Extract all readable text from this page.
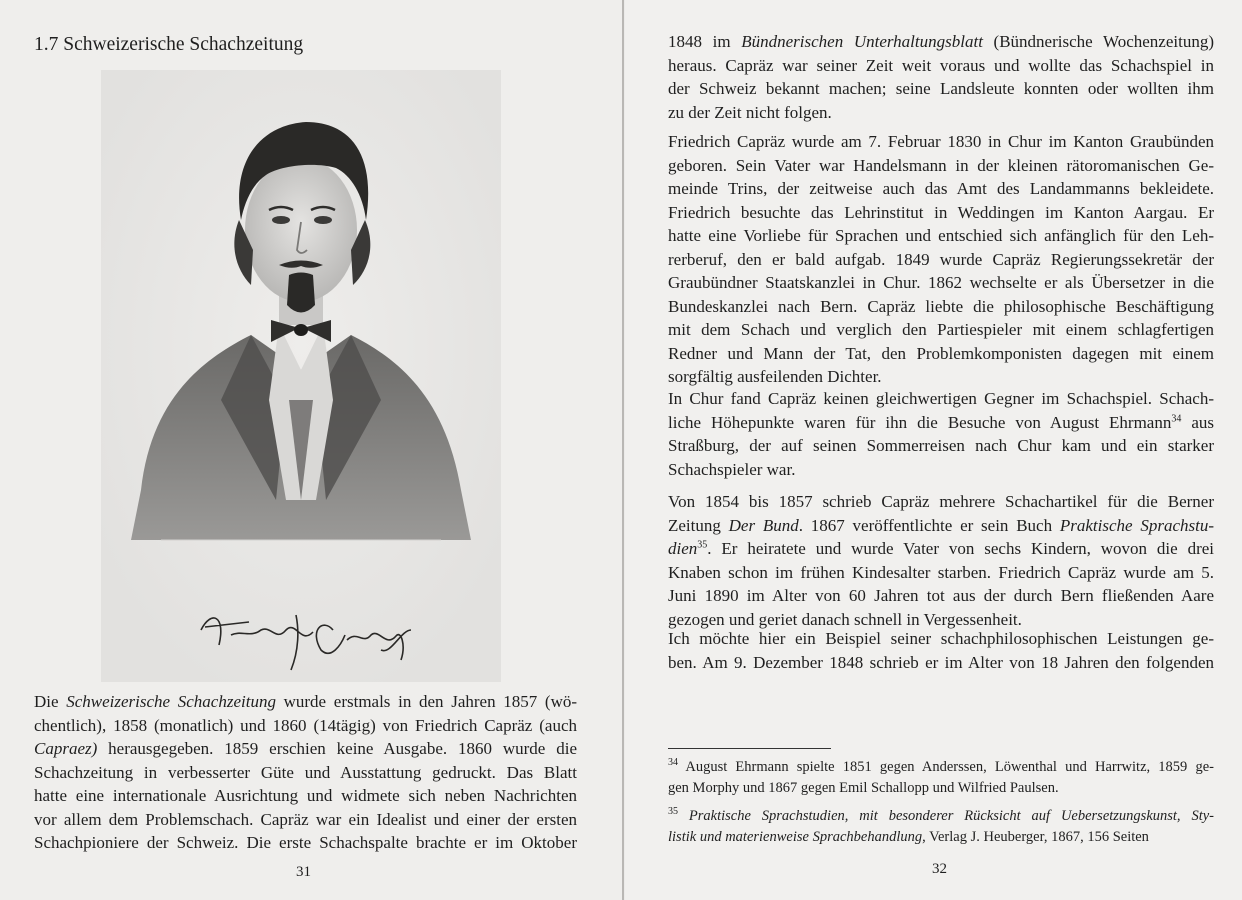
1.7 Schweizerische Schachzeitung
Die Schweizerische Schachzeitung wurde erstmals in den Jahren 1857 (wö-
chentlich), 1858 (monatlich) und 1860 (14tägig) von Friedrich Capräz (auch
Capraez) herausgegeben. 1859 erschien keine Ausgabe. 1860 wurde die
Schachzeitung in verbesserter Güte und Ausstattung gedruckt. Das Blatt
hatte eine internationale Ausrichtung und widmete sich neben Nachrichten
vor allem dem Problemschach. Capräz war ein Idealist und einer der ersten
Schachpioniere der Schweiz. Die erste Schachspalte brachte er im Oktober
31
1848 im Bündnerischen Unterhaltungsblatt (Bündnerische Wochenzeitung)
heraus. Capräz war seiner Zeit weit voraus und wollte das Schachspiel in
der Schweiz bekannt machen; seine Landsleute konnten oder wollten ihm
zu der Zeit nicht folgen.
Friedrich Capräz wurde am 7. Februar 1830 in Chur im Kanton Graubünden
geboren. Sein Vater war Handelsmann in der kleinen rätoromanischen Ge-
meinde Trins, der zeitweise auch das Amt des Landammanns bekleidete.
Friedrich besuchte das Lehrinstitut in Weddingen im Kanton Aargau. Er
hatte eine Vorliebe für Sprachen und entschied sich anfänglich für den Leh-
rerberuf, den er bald aufgab. 1849 wurde Capräz Regierungssekretär der
Graubündner Staatskanzlei in Chur. 1862 wechselte er als Übersetzer in die
Bundeskanzlei nach Bern. Capräz liebte die philosophische Beschäftigung
mit dem Schach und verglich den Partiespieler mit einem schlagfertigen
Redner und Mann der Tat, den Problemkomponisten dagegen mit einem
sorgfältig ausfeilenden Dichter.
In Chur fand Capräz keinen gleichwertigen Gegner im Schachspiel. Schach-
liche Höhepunkte waren für ihn die Besuche von August Ehrmann$^{34}$ aus
Straßburg, der auf seinen Sommerreisen nach Chur kam und ein starker
Schachspieler war.
Von 1854 bis 1857 schrieb Capräz mehrere Schachartikel für die Berner
Zeitung Der Bund. 1867 veröffentlichte er sein Buch Praktische Sprachstu-
dien$^{35}$. Er heiratete und wurde Vater von sechs Kindern, wovon die drei
Knaben schon im frühen Kindesalter starben. Friedrich Capräz wurde am 5.
Juni 1890 im Alter von 60 Jahren tot aus der durch Bern fließenden Aare
gezogen und geriet danach schnell in Vergessenheit.
Ich möchte hier ein Beispiel seiner schachphilosophischen Leistungen ge-
ben. Am 9. Dezember 1848 schrieb er im Alter von 18 Jahren den folgenden
$^{34}$ August Ehrmann spielte 1851 gegen Anderssen, Löwenthal und Harrwitz, 1859 ge-
gen Morphy und 1867 gegen Emil Schallopp und Wilfried Paulsen.
$^{35}$ Praktische Sprachstudien, mit besonderer Rücksicht auf Uebersetzungskunst, Sty-
listik und materienweise Sprachbehandlung, Verlag J. Heuberger, 1867, 156 Seiten
32
